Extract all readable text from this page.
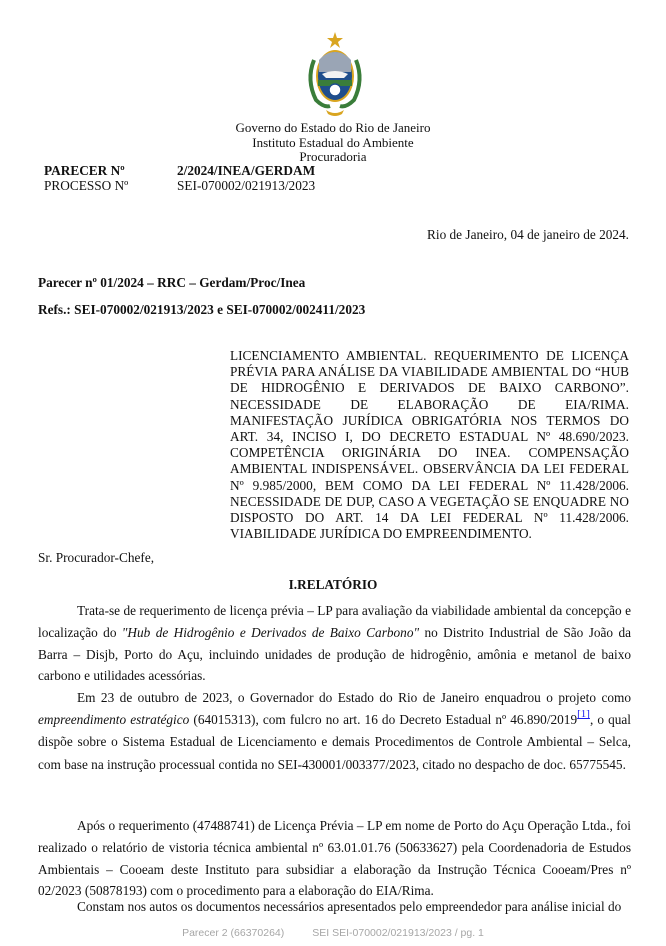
Governo do Estado do Rio de Janeiro
Instituto Estadual do Ambiente
Procuradoria
PARECER Nº	2/2024/INEA/GERDAM
PROCESSO Nº	SEI-070002/021913/2023
Rio de Janeiro, 04 de janeiro de 2024.
Parecer nº 01/2024 – RRC – Gerdam/Proc/Inea
Refs.: SEI-070002/021913/2023 e SEI-070002/002411/2023
LICENCIAMENTO AMBIENTAL. REQUERIMENTO DE LICENÇA PRÉVIA PARA ANÁLISE DA VIABILIDADE AMBIENTAL DO “HUB DE HIDROGÊNIO E DERIVADOS DE BAIXO CARBONO”. NECESSIDADE DE ELABORAÇÃO DE EIA/RIMA. MANIFESTAÇÃO JURÍDICA OBRIGATÓRIA NOS TERMOS DO ART. 34, INCISO I, DO DECRETO ESTADUAL Nº 48.690/2023. COMPETÊNCIA ORIGINÁRIA DO INEA. COMPENSAÇÃO AMBIENTAL INDISPENSÁVEL. OBSERVÂNCIA DA LEI FEDERAL Nº 9.985/2000, BEM COMO DA LEI FEDERAL Nº 11.428/2006. NECESSIDADE DE DUP, CASO A VEGETAÇÃO SE ENQUADRE NO DISPOSTO DO ART. 14 DA LEI FEDERAL Nº 11.428/2006. VIABILIDADE JURÍDICA DO EMPREENDIMENTO.
Sr. Procurador-Chefe,
I.RELATÓRIO

Trata-se de requerimento de licença prévia – LP para avaliação da viabilidade ambiental da concepção e localização do "Hub de Hidrogênio e Derivados de Baixo Carbono" no Distrito Industrial de São João da Barra – Disjb, Porto do Açu, incluindo unidades de produção de hidrogênio, amônia e metanol de baixo carbono e utilidades acessórias.

Em 23 de outubro de 2023, o Governador do Estado do Rio de Janeiro enquadrou o projeto como empreendimento estratégico (64015313), com fulcro no art. 16 do Decreto Estadual nº 46.890/2019[1], o qual dispõe sobre o Sistema Estadual de Licenciamento e demais Procedimentos de Controle Ambiental – Selca, com base na instrução processual contida no SEI-430001/003377/2023, citado no despacho de doc. 65775545.

Após o requerimento (47488741) de Licença Prévia – LP em nome de Porto do Açu Operação Ltda., foi realizado o relatório de vistoria técnica ambiental nº 63.01.01.76 (50633627) pela Coordenadoria de Estudos Ambientais – Cooeam deste Instituto para subsidiar a elaboração da Instrução Técnica Cooeam/Pres nº 02/2023 (50878193) com o procedimento para a elaboração do EIA/Rima.

Constam nos autos os documentos necessários apresentados pelo empreendedor para análise inicial do

Parecer 2 (66370264)	SEI SEI-070002/021913/2023 / pg. 1
